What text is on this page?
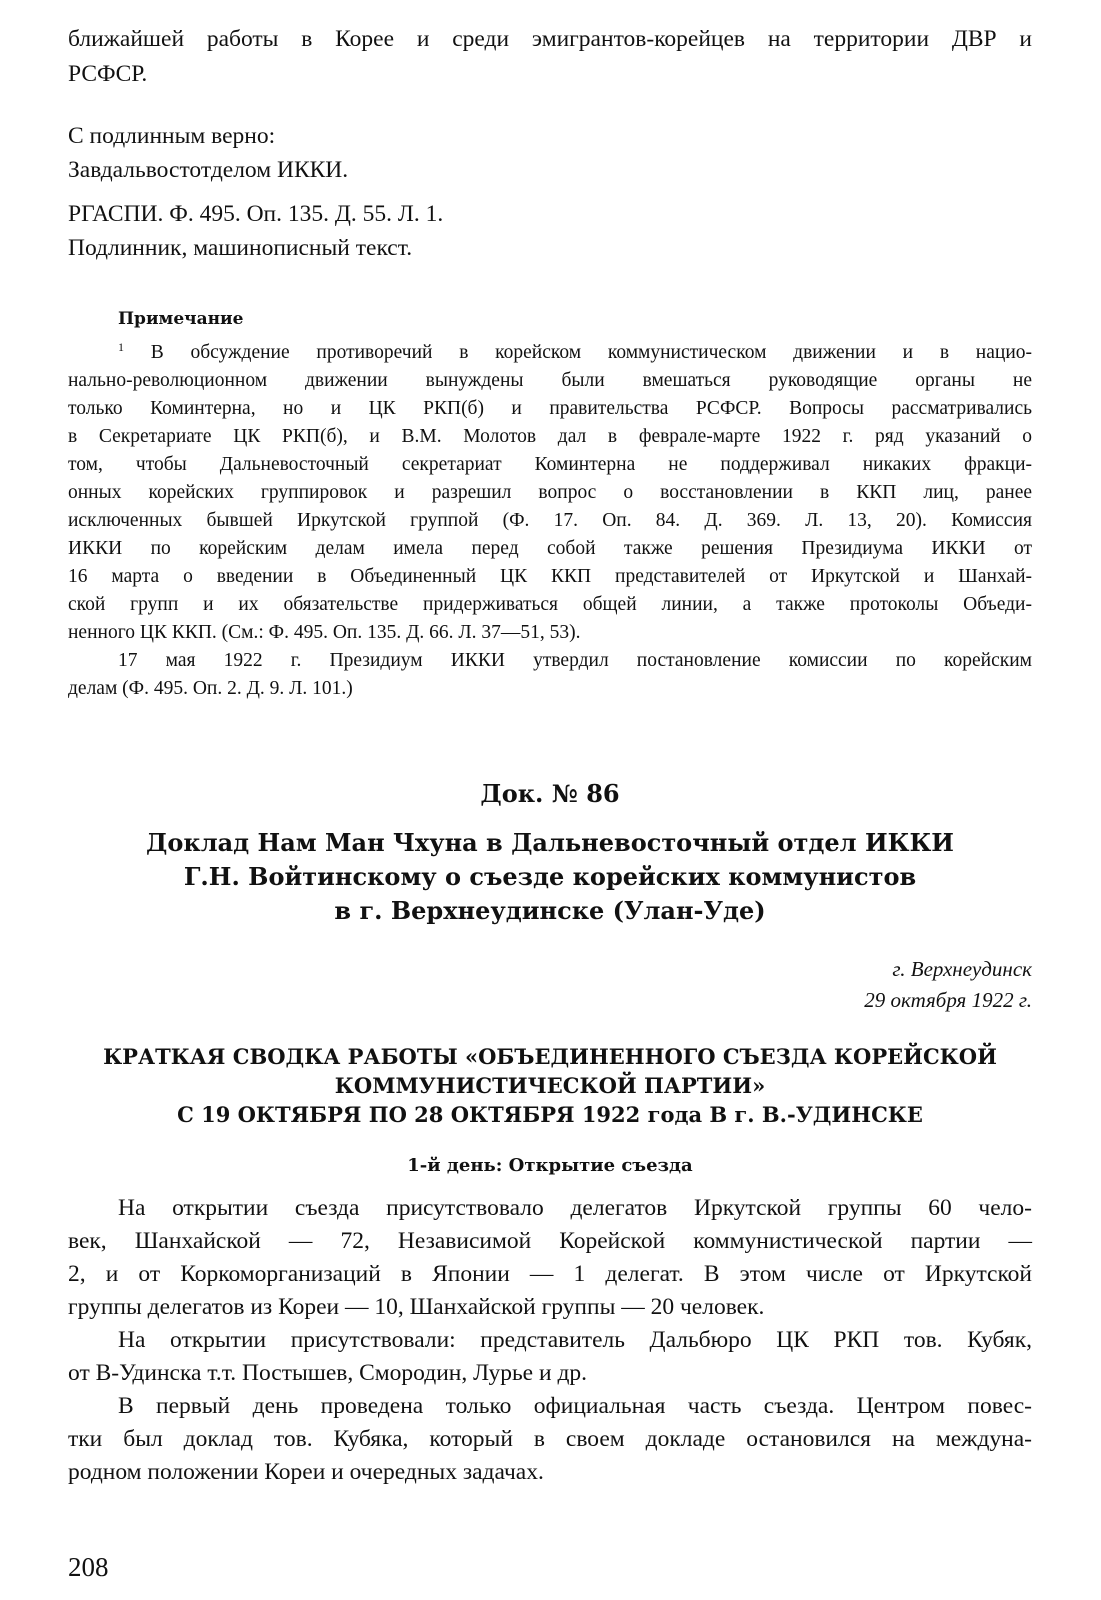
ближайшей работы в Корее и среди эмигрантов-корейцев на территории ДВР и
РСФСР.

С подлинным верно:
Завдальвостотделом ИККИ.

РГАСПИ. Ф. 495. Оп. 135. Д. 55. Л. 1.
Подлинник, машинописный текст.

Примечание

$^1$ В обсуждение противоречий в корейском коммунистическом движении и в нацио-
нально-революционном движении вынуждены были вмешаться руководящие органы не
только Коминтерна, но и ЦК РКП(б) и правительства РСФСР. Вопросы рассматривались
в Секретариате ЦК РКП(б), и В.М. Молотов дал в феврале-марте 1922 г. ряд указаний о
том, чтобы Дальневосточный секретариат Коминтерна не поддерживал никаких фракци-
онных корейских группировок и разрешил вопрос о восстановлении в ККП лиц, ранее
исключенных бывшей Иркутской группой (Ф. 17. Оп. 84. Д. 369. Л. 13, 20). Комиссия
ИККИ по корейским делам имела перед собой также решения Президиума ИККИ от
16 марта о введении в Объединенный ЦК ККП представителей от Иркутской и Шанхай-
ской групп и их обязательстве придерживаться общей линии, а также протоколы Объеди-
ненного ЦК ККП. (См.: Ф. 495. Оп. 135. Д. 66. Л. 37—51, 53).

17 мая 1922 г. Президиум ИККИ утвердил постановление комиссии по корейским
делам (Ф. 495. Оп. 2. Д. 9. Л. 101.)

Док. № 86

Доклад Нам Ман Чхуна в Дальневосточный отдел ИККИ
Г.Н. Войтинскому о съезде корейских коммунистов
в г. Верхнеудинске (Улан-Уде)

г. Верхнеудинск
29 октября 1922 г.

КРАТКАЯ СВОДКА РАБОТЫ «ОБЪЕДИНЕННОГО СЪЕЗДА КОРЕЙСКОЙ
КОММУНИСТИЧЕСКОЙ ПАРТИИ»
С 19 ОКТЯБРЯ ПО 28 ОКТЯБРЯ 1922 года В г. В.-УДИНСКЕ

1-й день: Открытие съезда

На открытии съезда присутствовало делегатов Иркутской группы 60 чело-
век, Шанхайской — 72, Независимой Корейской коммунистической партии —
2, и от Коркоморганизаций в Японии — 1 делегат. В этом числе от Иркутской
группы делегатов из Кореи — 10, Шанхайской группы — 20 человек.

На открытии присутствовали: представитель Дальбюро ЦК РКП тов. Кубяк,
от В-Удинска т.т. Постышев, Смородин, Лурье и др.

В первый день проведена только официальная часть съезда. Центром повес-
тки был доклад тов. Кубяка, который в своем докладе остановился на междуна-
родном положении Кореи и очередных задачах.

208
